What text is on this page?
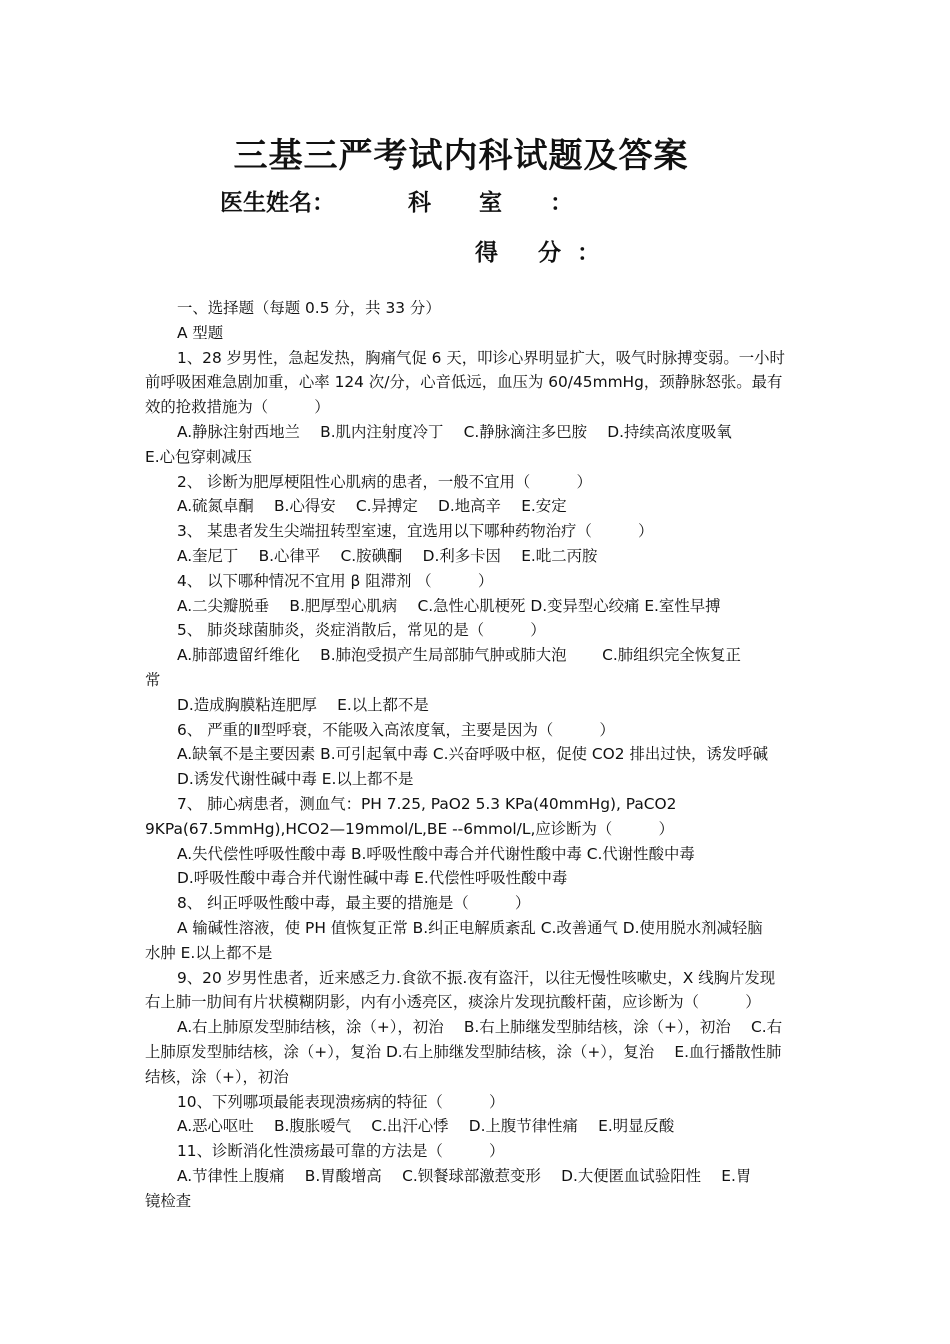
三基三严考试内科试题及答案
医生姓名：	科 室 ：
得 分：
一、选择题（每题 0.5 分，共 33 分）
A 型题
1、28 岁男性，急起发热，胸痛气促 6 天，叩诊心界明显扩大，吸气时脉搏变弱。一小时
前呼吸困难急剧加重，心率 124 次/分，心音低远，血压为 60/45mmHg，颈静脉怒张。最有
效的抢救措施为（　　　）
A.静脉注射西地兰　 B.肌内注射度冷丁　 C.静脉滴注多巴胺　 D.持续高浓度吸氧
E.心包穿刺减压
2、 诊断为肥厚梗阻性心肌病的患者，一般不宜用（　　　）
A.硫氮卓酮　 B.心得安　 C.异搏定　 D.地高辛　 E.安定
3、 某患者发生尖端扭转型室速，宜选用以下哪种药物治疗（　　　）
A.奎尼丁　 B.心律平　 C.胺碘酮　 D.利多卡因　 E.吡二丙胺
4、 以下哪种情况不宜用 β 阻滞剂 （　　　）
A.二尖瓣脱垂　 B.肥厚型心肌病　 C.急性心肌梗死 D.变异型心绞痛 E.室性早搏
5、 肺炎球菌肺炎，炎症消散后，常见的是（　　　）
A.肺部遗留纤维化　 B.肺泡受损产生局部肺气肿或肺大泡　　 C.肺组织完全恢复正
常
D.造成胸膜粘连肥厚　 E.以上都不是
6、 严重的Ⅱ型呼衰，不能吸入高浓度氧，主要是因为（　　　）
A.缺氧不是主要因素 B.可引起氧中毒 C.兴奋呼吸中枢，促使 CO2 排出过快，诱发呼碱
D.诱发代谢性碱中毒 E.以上都不是
7、 肺心病患者，测血气：PH 7.25, PaO2 5.3 KPa(40mmHg), PaCO2
9KPa(67.5mmHg),HCO2—19mmol/L,BE --6mmol/L,应诊断为（　　　）
A.失代偿性呼吸性酸中毒 B.呼吸性酸中毒合并代谢性酸中毒 C.代谢性酸中毒
D.呼吸性酸中毒合并代谢性碱中毒 E.代偿性呼吸性酸中毒
8、 纠正呼吸性酸中毒，最主要的措施是（　　　）
A 输碱性溶液，使 PH 值恢复正常 B.纠正电解质紊乱 C.改善通气 D.使用脱水剂减轻脑
水肿 E.以上都不是
9、20 岁男性患者，近来感乏力.食欲不振.夜有盗汗，以往无慢性咳嗽史，X 线胸片发现
右上肺一肋间有片状模糊阴影，内有小透亮区，痰涂片发现抗酸杆菌，应诊断为（　　　）
A.右上肺原发型肺结核，涂（+），初治　 B.右上肺继发型肺结核，涂（+），初治　 C.右
上肺原发型肺结核，涂（+），复治 D.右上肺继发型肺结核，涂（+），复治　 E.血行播散性肺
结核，涂（+），初治
10、下列哪项最能表现溃疡病的特征（　　　）
A.恶心呕吐　 B.腹胀嗳气　 C.出汗心悸　 D.上腹节律性痛　 E.明显反酸
11、诊断消化性溃疡最可靠的方法是（　　　）
A.节律性上腹痛　 B.胃酸增高　 C.钡餐球部激惹变形　 D.大便匿血试验阳性　 E.胃
镜检查
